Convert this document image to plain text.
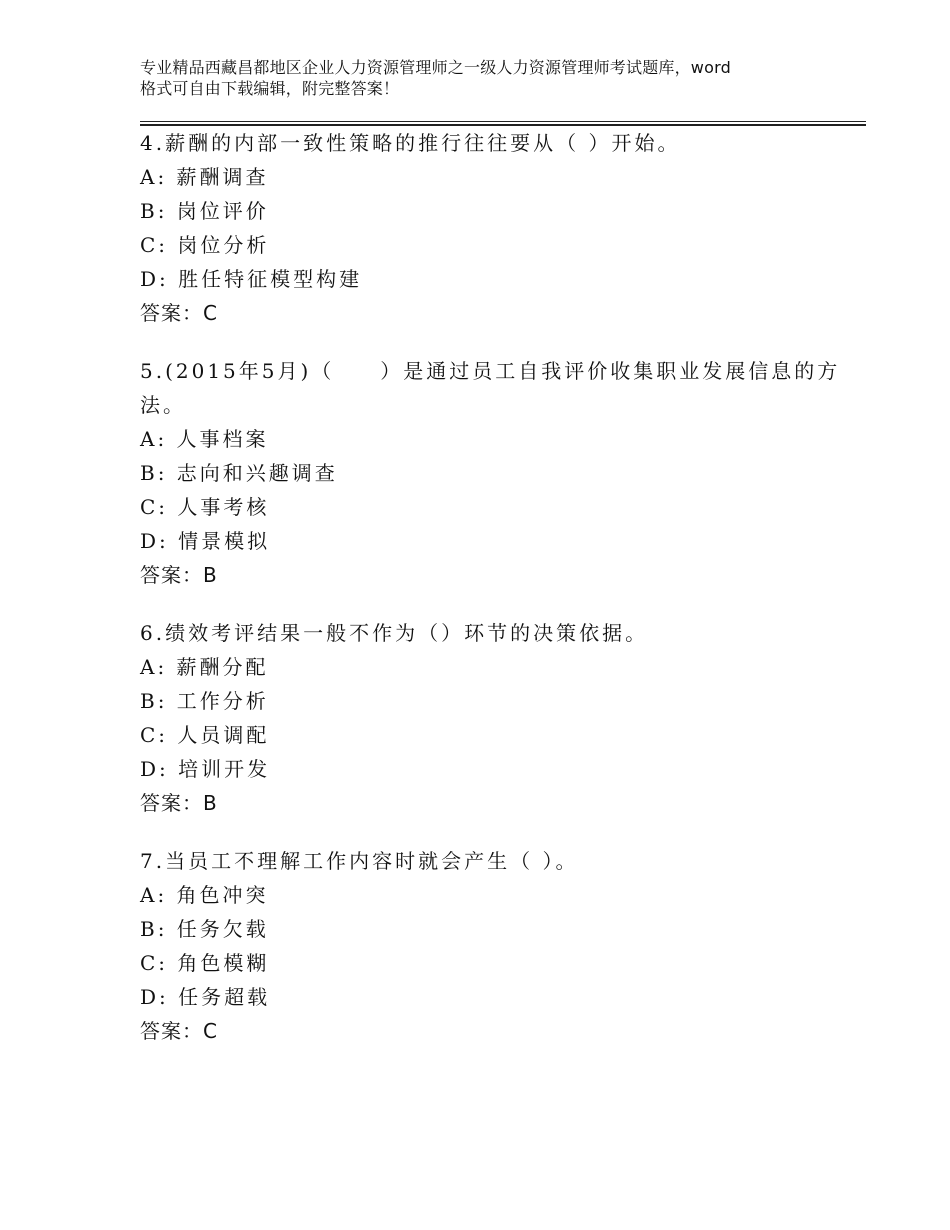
专业精品西藏昌都地区企业人力资源管理师之一级人力资源管理师考试题库，word
格式可自由下载编辑，附完整答案！
4.薪酬的内部一致性策略的推行往往要从（ ）开始。
A: 薪酬调查
B: 岗位评价
C: 岗位分析
D: 胜任特征模型构建
答案：C
5.(2015年5月)（　　）是通过员工自我评价收集职业发展信息的方法。
A: 人事档案
B: 志向和兴趣调查
C: 人事考核
D: 情景模拟
答案：B
6.绩效考评结果一般不作为（）环节的决策依据。
A: 薪酬分配
B: 工作分析
C: 人员调配
D: 培训开发
答案：B
7.当员工不理解工作内容时就会产生（ ）。
A: 角色冲突
B: 任务欠载
C: 角色模糊
D: 任务超载
答案：C
